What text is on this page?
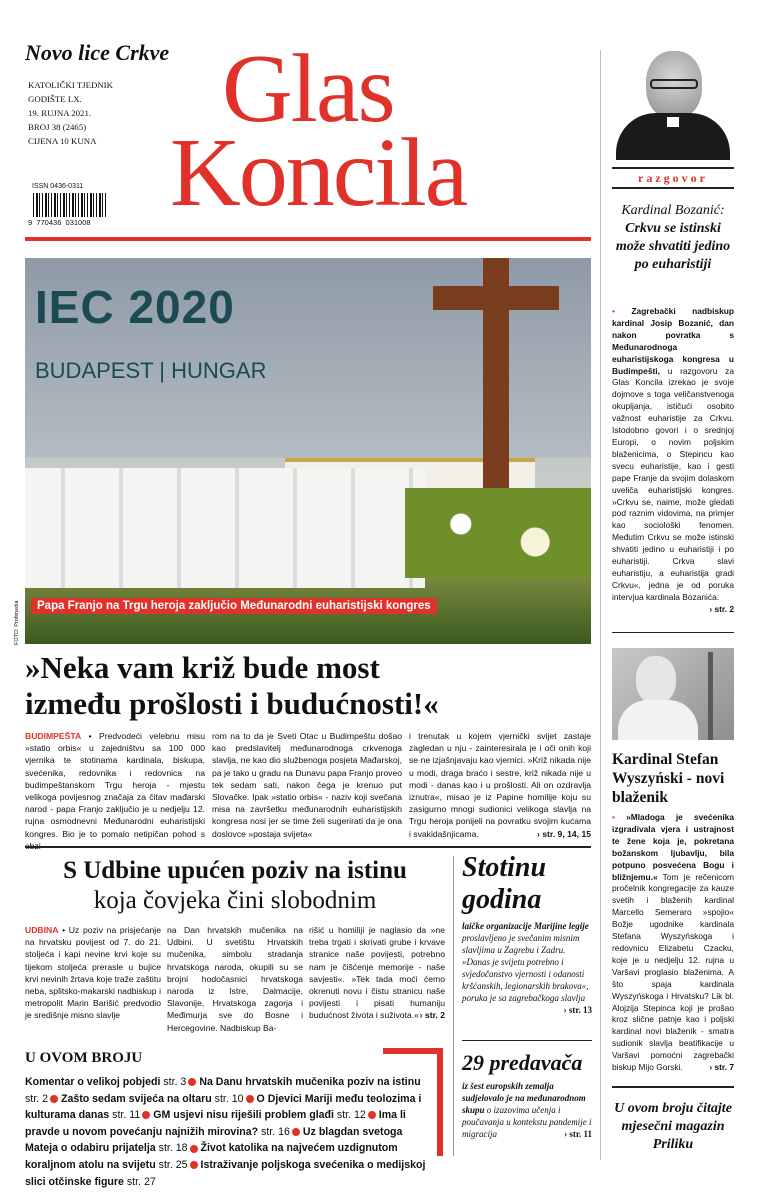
Novo lice Crkve
KATOLIČKI TJEDNIK
GODIŠTE LX.
19. RUJNA 2021.
BROJ 38 (2465)
CIJENA 10 KUNA
ISSN 0436-0311
9  770436  031008
Glas
Koncila
IEC 2020
BUDAPEST | HUNGAR
Papa Franjo na Trgu heroja zaključio Međunarodni euharistijski kongres
FOTO: Profimedia
»Neka vam križ bude most
između prošlosti i budućnosti!«

BUDIMPEŠTA • Predvodeći velebnu misu »statio orbis« u zajedništvu sa 100 000 vjernika te stotinama kardinala, biskupa, svećenika, redovnika i redovnica na budimpeštanskom Trgu heroja - mjestu velikoga povijesnog značaja za čitav mađarski narod - papa Franjo zaključio je u nedjelju 12. rujna osmodnevni Međunarodni euharistijski kongres. Bio je to pomalo netipičan pohod s

rom na to da je Sveti Otac u Budimpeštu došao kao predslavitelj međunarodnoga crkvenoga slavlja, ne kao dio službenoga posjeta Mađarskoj, pa je tako u gradu na Dunavu papa Franjo proveo tek sedam sati, nakon čega je krenuo put Slovačke. Ipak »statio orbis« - naziv koji svečana misa na završetku međunarodnih euharistijskih kongresa nosi jer se time želi sugerirati da je ona doslovce »postaja svijeta«

i trenutak u kojem vjernički svijet zastaje zagledan u nju - zainteresirala je i oči onih koji se ne izjašnjavaju kao vjernici. »Križ nikada nije u modi, draga braćo i sestre, križ nikada nije u modi - danas kao i u prošlosti. Ali on ozdravlja iznutra«, misao je iz Papine homilije koju su zasigurno mnogi sudionici velikoga slavlja na Trgu heroja ponijeli na povratku svojim kućama i svakidašnjicama.	› str. 9, 14, 15

S Udbine upućen poziv na istinu
koja čovjeka čini slobodnim

UDBINA • Uz poziv na prisjećanje na hrvatsku povijest od 7. do 21. stoljeća i kapi nevine krvi koje su tijekom stoljeća prerasle u bujice krvi nevinih žrtava koje traže zaštitu neba, splitsko-makarski nadbiskup i metropolit Marin Barišić predvodio je središnje misno slavlje

na Dan hrvatskih mučenika na Udbini. U svetištu Hrvatskih mučenika, simbolu stradanja hrvatskoga naroda, okupili su se brojni hodočasnici hrvatskoga naroda iz Istre, Dalmacije, Slavonije, Hrvatskoga zagorja i Međimurja sve do Bosne i Hercegovine. Nadbiskup Ba-

rišić u homiliji je naglasio da »ne treba trgati i skrivati grube i krvave stranice naše povijesti, potrebno nam je čišćenje memorije - naše savjesti«. »Tek tada moći ćemo okrenuti novu i čistu stranicu naše povijesti i pisati humaniju budućnost života i suživota.« › str. 2

Stotinu
godina
laičke organizacije Marijine legije proslavljeno je svečanim misnim slavljima u Zagrebu i Zadru. »Danas je svijetu potrebno i svjedočanstvo vjernosti i odanosti kršćanskih, legionarskih brakova«, poruka je sa zagrebačkoga slavlja
› str. 13
29 predavača
iz šest europskih zemalja sudjelovalo je na međunarodnom skupu o izazovima učenja i poučavanja u kontekstu pandemije i migracija	› str. 11
U OVOM BROJU
Komentar o velikoj pobjedi str. 3 Na Danu hrvatskih mučenika poziv na istinu str. 2 Zašto sedam svijeća na oltaru str. 10 O Djevici Mariji među teolozima i kulturama danas str. 11 GM usjevi nisu riješili problem glađi str. 12 Ima li pravde u novom povećanju najnižih mirovina? str. 16 Uz blagdan svetoga Mateja o odabiru prijatelja str. 18 Život katolika na najvećem uzdignutom koraljnom atolu na svijetu str. 25 Istraživanje poljskoga svećenika o medijskoj slici otčinske figure str. 27
razgovor
Kardinal Bozanić:
Crkvu se istinski može shvatiti jedino po euharistiji

• Zagrebački nadbiskup kardinal Josip Bozanić, dan nakon povratka s Međunarodnoga euharistijskoga kongresa u Budimpešti, u razgovoru za Glas Koncila izrekao je svoje dojmove s toga veličanstvenoga okupljanja, ističući osobito važnost euharistije za Crkvu. Istodobno govori i o srednjoj Europi, o novim poljskim blaženicima, o Stepincu kao svecu euharistije, kao i gesti pape Franje da svojim dolaskom uveliča euharistijski kongres. »Crkvu se, naime, može gledati pod raznim vidovima, na primjer kao sociološki fenomen. Međutim Crkvu se može istinski shvatiti jedino u euharistiji i po euharistiji. Crkva slavi euharistiju, a euharistija gradi Crkvu«, jedna je od poruka intervjua kardinala Bozanića.
› str. 2

Kardinal Stefan Wyszyński - novi blaženik

• »Mladoga je svećenika izgradivala vjera i ustrajnost te žene koja je, pokretana božanskom ljubavlju, bila potpuno posvećena Bogu i bližnjemu.« Tom je rečenicom pročelnik kongregacije za kauze svetih i blaženih kardinal Marcello Semeraro »spojio« Božje ugodnike kardinala Stefana Wyszyńskoga i redovnicu Elizabetu Czacku, koje je u nedjelju 12. rujna u Varšavi proglasio blaženima. A što spaja kardinala Wyszyńskoga i Hrvatsku? Lik bl. Alojzija Stepinca koji je prošao kroz slične patnje kao i poljski kardinal novi blaženik - smatra sudionik slavlja beatifikacije u Varšavi pomoćni zagrebački biskup Mijo Gorski.	› str. 7

U ovom broju čitajte mjesečni magazin Priliku
